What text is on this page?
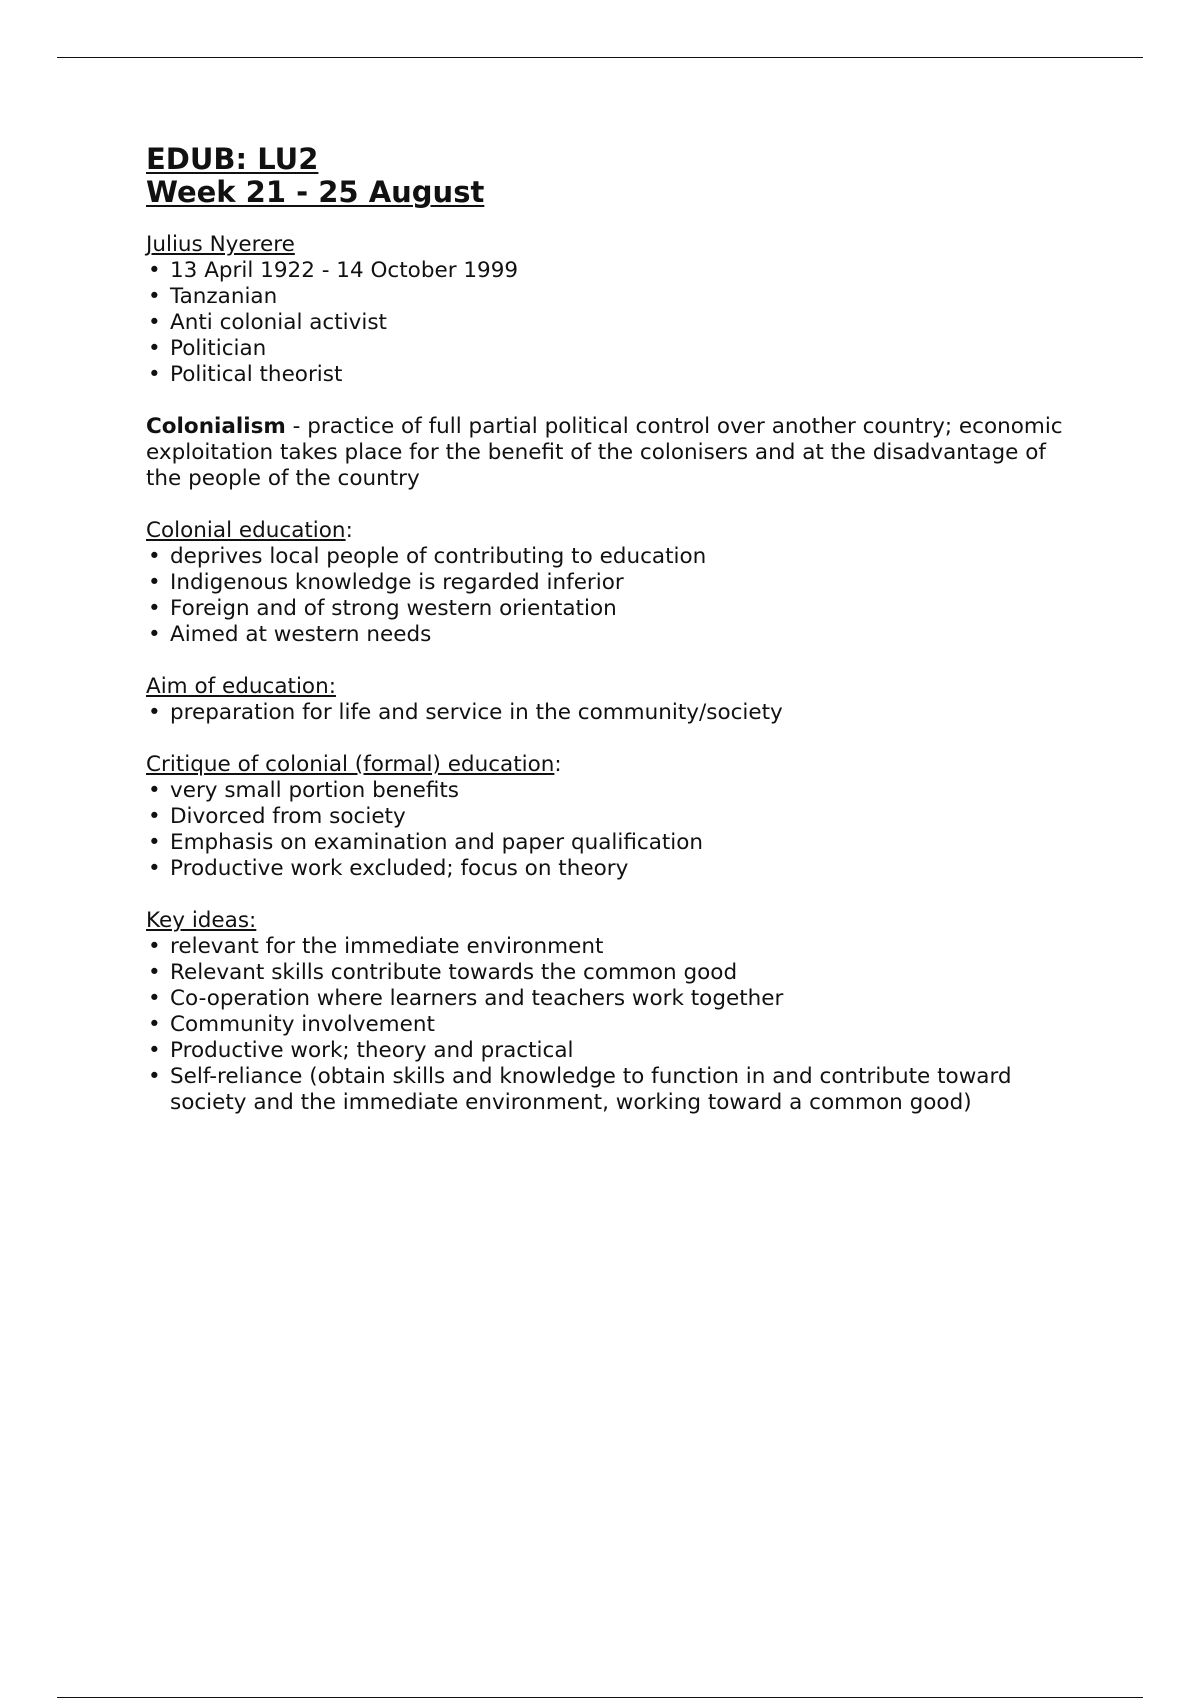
EDUB: LU2
Week 21 - 25 August
Julius Nyerere
• 13 April 1922 - 14 October 1999
• Tanzanian
• Anti colonial activist
• Politician
• Political theorist
Colonialism - practice of full partial political control over another country; economic exploitation takes place for the benefit of the colonisers and at the disadvantage of the people of the country
Colonial education:
• deprives local people of contributing to education
• Indigenous knowledge is regarded inferior
• Foreign and of strong western orientation
• Aimed at western needs
Aim of education:
• preparation for life and service in the community/society
Critique of colonial (formal) education:
• very small portion benefits
• Divorced from society
• Emphasis on examination and paper qualification
• Productive work excluded; focus on theory
Key ideas:
• relevant for the immediate environment
• Relevant skills contribute towards the common good
• Co-operation where learners and teachers work together
• Community involvement
• Productive work; theory and practical
• Self-reliance (obtain skills and knowledge to function in and contribute toward society and the immediate environment, working toward a common good)
